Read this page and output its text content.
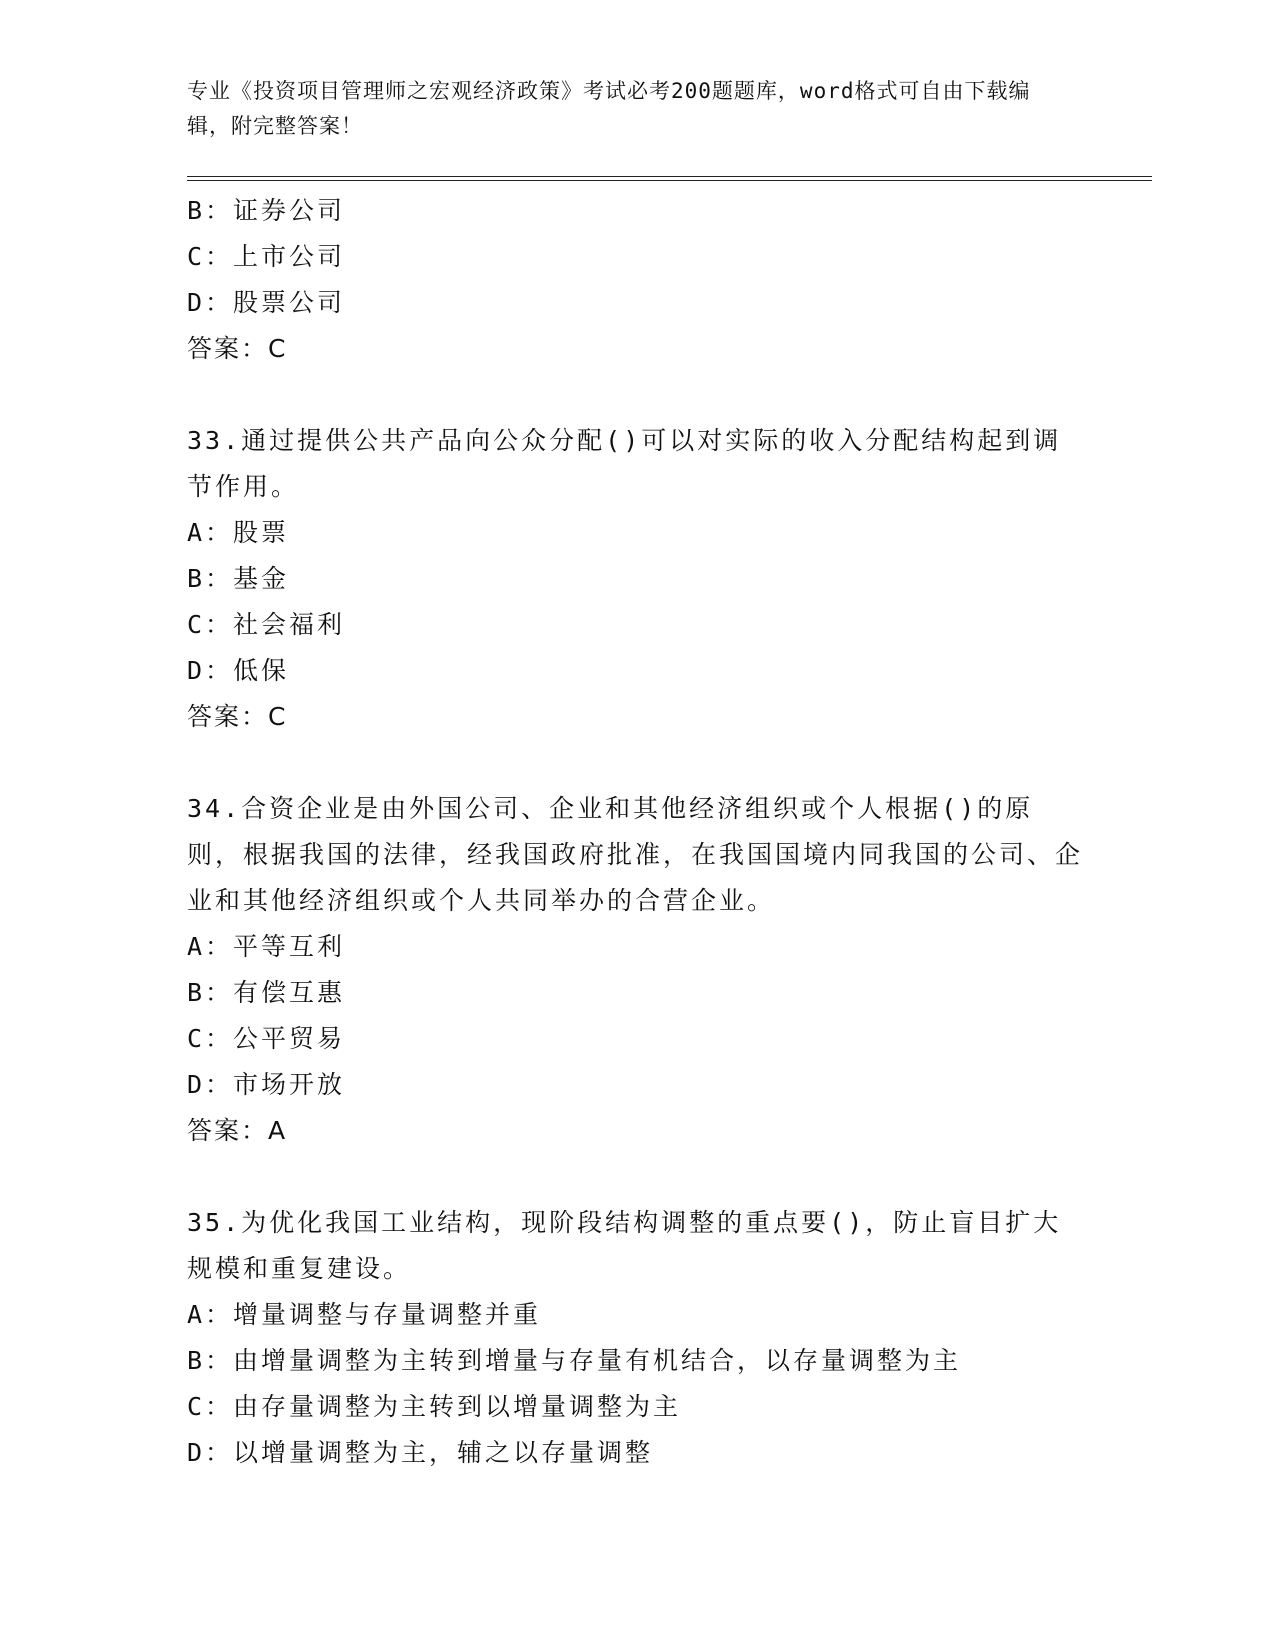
专业《投资项目管理师之宏观经济政策》考试必考200题题库，word格式可自由下载编辑，附完整答案！
B：证券公司
C：上市公司
D：股票公司
答案：C
33.通过提供公共产品向公众分配()可以对实际的收入分配结构起到调节作用。
A：股票
B：基金
C：社会福利
D：低保
答案：C
34.合资企业是由外国公司、企业和其他经济组织或个人根据()的原则，根据我国的法律，经我国政府批准，在我国国境内同我国的公司、企业和其他经济组织或个人共同举办的合营企业。
A：平等互利
B：有偿互惠
C：公平贸易
D：市场开放
答案：A
35.为优化我国工业结构，现阶段结构调整的重点要()，防止盲目扩大规模和重复建设。
A：增量调整与存量调整并重
B：由增量调整为主转到增量与存量有机结合，以存量调整为主
C：由存量调整为主转到以增量调整为主
D：以增量调整为主，辅之以存量调整
